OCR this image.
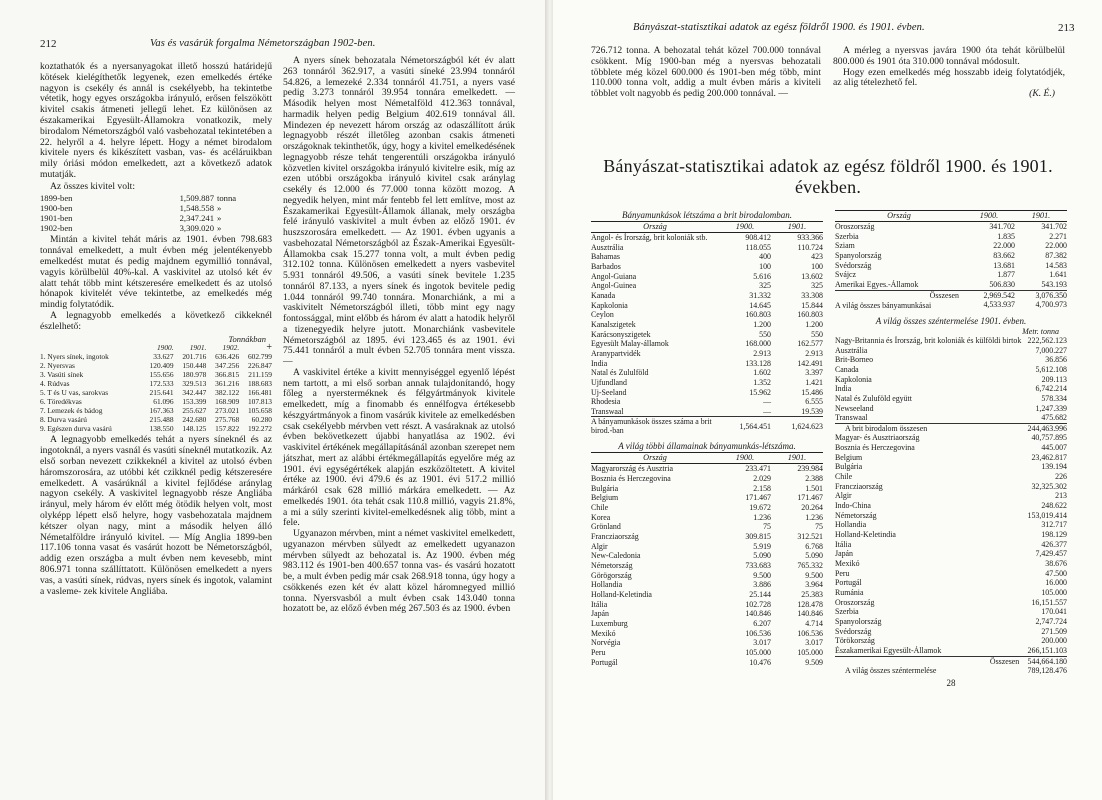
212	Vas és vasárúk forgalma Németországban 1902-ben.

koztathatók és a nyersanyagokat illető hosszú határidejű kötések kielégíthetők legyenek, ezen emelkedés értéke nagyon is csekély és annál is csekélyebb, ha tekintetbe vétetik, hogy egyes országokba irányuló, erősen felszökött kivitel csakis átmeneti jellegű lehet. Ez különösen az északamerikai Egyesült-Államokra vonatkozik, mely birodalom Németországból való vasbehozatal tekintetében a 22. helyről a 4. helyre lépett. Hogy a német birodalom kivitele nyers és kikészített vasban, vas- és acéláruikban mily óriási módon emelkedett, azt a következő adatok mutatják.

Az összes kivitel volt:
1899-ben	1,509.887	tonna
1900-ben	1,548.558	»
1901-ben	2,347.241	»
1902-ben	3,309.020	»

Mintán a kivitel tehát máris az 1901. évben 798.683 tonnával emelkedett, a mult évben még jelentékenyebb emelkedést mutat és pedig majdnem egymillió tonnával, vagyis körülbelül 40%-kal. A vaskivitel az utolsó két év alatt tehát több mint kétszeresére emelkedett és az utolsó hónapok kivitelét véve tekintetbe, az emelkedés még mindig folytatódik.

A legnagyobb emelkedés a következő cikkeknél észlelhető:

Tonnákban
	1900.	1901.	1902.	+
1. Nyers sínek, ingotok	33.627	201.716	636.426	602.799
2. Nyersvas	120.409	150.448	347.256	226.847
3. Vasúti sínek	155.656	180.978	366.815	211.159
4. Rúdvas	172.533	329.513	361.216	188.683
5. T és U vas, sarokvas	215.641	342.447	382.122	166.481
6. Töredékvas	61.096	153.399	168.909	107.813
7. Lemezek és bádog	167.363	255.627	273.021	105.658
8. Durva vasárú	215.488	242.680	275.768	60.280
9. Egészen durva vasárú	138.550	148.125	157.822	192.272

A legnagyobb emelkedés tehát a nyers síneknél és az ingotoknál, a nyers vasnál és vasúti síneknél mutatkozik. Az első sorban nevezett czikkeknél a kivitel az utolsó évben háromszorosára, az utóbbi két czikknél pedig kétszeresére emelkedett. A vasárúknál a kivitel fejlődése aránylag nagyon csekély. A vaskivitel legnagyobb része Angliába irányul, mely három év előtt még ötödik helyen volt, most olyképp lépett első helyre, hogy vasbehozatala majdnem kétszer olyan nagy, mint a második helyen álló Németalföldre irányuló kivitel. — Míg Anglia 1899-ben 117.106 tonna vasat és vasárút hozott be Németországból, addig ezen országba a mult évben nem kevesebb, mint 806.971 tonna szállíttatott. Különösen emelkedett a nyers vas, a vasúti sínek, rúdvas, nyers sínek és ingotok, valamint a vasleme- zek kivitele Angliába.

A nyers sínek behozatala Németországból két év alatt 263 tonnáról 362.917, a vasúti síneké 23.994 tonnáról 54.826, a lemezeké 2.334 tonnáról 41.751, a nyers vasé pedig 3.273 tonnáról 39.954 tonnára emelkedett. — Második helyen most Németalföld 412.363 tonnával, harmadik helyen pedig Belgium 402.619 tonnával áll. Mindezen ép nevezett három ország az odaszállított árúk legnagyobb részét illetőleg azonban csakis átmeneti országoknak tekinthetők, úgy, hogy a kivitel emelkedésének legnagyobb része tehát tengerentúli országokba irányuló közvetlen kivitel országokba irányuló kivitelre esik, míg az ezen utóbbi országokba irányuló kivitel csak aránylag csekély és 12.000 és 77.000 tonna között mozog. A negyedik helyen, mint már fentebb fel lett említve, most az Északamerikai Egyesült-Államok állanak, mely országba felé irányuló vaskivitel a mult évben az előző 1901. év huszszorosára emelkedett. — Az 1901. évben ugyanis a vasbehozatal Németországból az Észak-Amerikai Egyesült-Államokba csak 15.277 tonna volt, a mult évben pedig 312.102 tonna. Különösen emelkedett a nyers vasbevitel 5.931 tonnáról 49.506, a vasúti sínek bevitele 1.235 tonnáról 87.133, a nyers sínek és ingotok bevitele pedig 1.044 tonnáról 99.740 tonnára. Monarchiánk, a mi a vaskivitelt Németországból illeti, több mint egy nagy fontossággal, mint előbb és három év alatt a hatodik helyről a tizenegyedik helyre jutott. Monarchiánk vasbevitele Németországból az 1895. évi 123.465 és az 1901. évi 75.441 tonnáról a mult évben 52.705 tonnára ment vissza. —

A vaskivitel értéke a kivitt mennyiséggel egyenlő lépést nem tartott, a mi első sorban annak tulajdonítandó, hogy főleg a nyersterméknek és félgyártmányok kivitele emelkedett, míg a finomabb és ennélfogva értékesebb készgyártmányok a finom vasárúk kivitele az emelkedésben csak csekélyebb mérvben vett részt. A vasáraknak az utolsó évben bekövetkezett újabbi hanyatlása az 1902. évi vaskivitel értékének megállapításánál azonban szerepet nem játszhat, mert az alábbi értékmegállapítás egyelőre még az 1901. évi egységértékek alapján eszközöltetett. A kivitel értéke az 1900. évi 479.6 és az 1901. évi 517.2 millió márkáról csak 628 millió márkára emelkedett. — Az emelkedés 1901. óta tehát csak 110.8 millió, vagyis 21.8%, a mi a súly szerinti kivitel-emelkedésnek alig több, mint a fele.

Ugyanazon mérvben, mint a német vaskivitel emelkedett, ugyanazon mérvben sülyedt az emelkedett ugyanazon mérvben sülyedt az behozatal is. Az 1900. évben még 983.112 és 1901-ben 400.657 tonna vas- és vasárú hozatott be, a mult évben pedig már csak 268.918 tonna, úgy hogy a csökkenés ezen két év alatt közel háromnegyed millió tonna. Nyersvasból a mult évben csak 143.040 tonna hozatott be, az előző évben még 267.503 és az 1900. évben

Bányászat-statisztikai adatok az egész földről 1900. és 1901. évben.	213

726.712 tonna. A behozatal tehát közel 700.000 tonnával csökkent. Míg 1900-ban még a nyersvas behozatali többlete még közel 600.000 és 1901-ben még több, mint 110.000 tonna volt, addig a mult évben máris a kiviteli többlet volt nagyobb és pedig 200.000 tonnával. —

A mérleg a nyersvas javára 1900 óta tehát körülbelül 800.000 és 1901 óta 310.000 tonnával módosult.

Hogy ezen emelkedés még hosszabb ideig folytatódjék, az alig tételezhető fel.

(K. É.)
Bányászat-statisztikai adatok az egész földről 1900. és 1901. években.
Bányamunkások létszáma a brit birodalomban.
Ország	1900.	1901.
Angol- és Írország, brit koloniák stb.	908.412	933.366
Ausztrália	118.055	110.724
Bahamas	400	423
Barbados	100	100
Angol-Guiana	5.616	13.602
Angol-Guinea	325	325
Kanada	31.332	33.308
Kapkolonia	14.645	15.844
Ceylon	160.803	160.803
Kanalszigetek	1.200	1.200
Karácsonyszigetek	550	550
Egyesült Malay-államok	168.000	162.577
Aranypartvidék	2.913	2.913
India	133.128	142.491
Natal és Zululföld	1.602	3.397
Ujfundland	1.352	1.421
Uj-Seeland	15.962	15.486
Rhodesia	—	6.555
Transwaal	—	19.539
A bányamunkások összes száma a brit birod.-ban	1,564.451	1,624.623
A világ többi államainak bányamunkás-létszáma.
Ország	1900.	1901.
Magyarország és Ausztria	233.471	239.984
Bosznia és Herczegovina	2.029	2.388
Bulgária	2.158	1.501
Belgium	171.467	171.467
Chile	19.672	20.264
Korea	1.236	1.236
Grönland	75	75
Francziaország	309.815	312.521
Algir	5.919	6.768
New-Caledonia	5.090	5.090
Németország	733.683	765.332
Görögország	9.500	9.500
Hollandia	3.886	3.964
Holland-Keletindia	25.144	25.383
Itália	102.728	128.478
Japán	140.846	140.846
Luxemburg	6.207	4.714
Mexikó	106.536	106.536
Norvégia	3.017	3.017
Peru	105.000	105.000
Portugál	10.476	9.509
Ország	1900.	1901.
Oroszország	341.702	341.702
Szerbia	1.835	2.271
Sziam	22.000	22.000
Spanyolország	83.662	87.382
Svédország	13.681	14.583
Svájcz	1.877	1.641
Amerikai Egyes.-Államok	506.830	543.193
Összesen	2,969.542	3,076.350
A világ összes bányamunkásai	4,533.937	4,700.973
A világ összes széntermelése 1901. évben.
Metr. tonna
Nagy-Britannia és Írország, brit koloniák és külföldi birtok	222,562.123
Ausztrália	7,000.227
Brit-Borneo	36.856
Canada	5,612.108
Kapkolonia	209.113
India	6,742.214
Natal és Zuluföld együtt	578.334
Newseeland	1,247.339
Transwaal	475.682
A brit birodalom összesen	244,463.996
Magyar- és Ausztriaország	40,757.895
Bosznia és Herczegovina	445.007
Belgium	23,462.817
Bulgária	139.194
Chile	226
Francziaország	32,325.302
Algir	213
Indo-China	248.622
Németország	153,019.414
Hollandia	312.717
Holland-Keletindia	198.129
Itália	426.377
Japán	7,429.457
Mexikó	38.676
Peru	47.500
Portugál	16.000
Rumánia	105.000
Oroszország	16,151.557
Szerbia	170.041
Spanyolország	2,747.724
Svédország	271.509
Törökország	200.000
Északamerikai Egyesült-Államok	266,151.103
Összesen	544,664.180
A világ összes széntermelése	789,128.476
28
